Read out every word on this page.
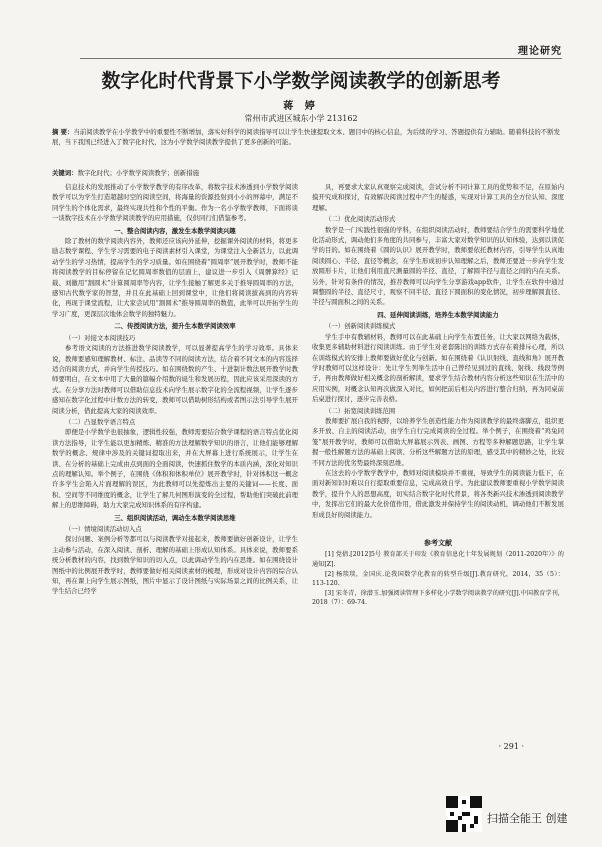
理论研究
数字化时代背景下小学数学阅读教学的创新思考
蒋 婷
常州市武进区城东小学 213162
摘 要：当前阅读教学在小学教学中的重要性不断增加，落实好科学的阅读指导可以让学生快速提取文本、题目中的核心信息，为后续的学习、答题提供有力辅助。随着科技的不断发展，当下我国已经进入了数字化时代，这为小学数学阅读教学提供了更多创新的可能。
关键词：数字化时代；小学数学阅读教学；创新措施

信息技术的发展推动了小学数学教学的有序改革，将数字技术渗透到小学数学阅读教学可以为学生打造超越时空的阅读空间，将海量的资源投射到小小的屏幕中，满足不同学生的个体化需求，最终实现共性和个性的平衡。作为一名小学数学教师，下面将谈一谈数字技术在小学数学阅读教学的应用措施，仅供同行们借鉴参考。

一、整合阅读内容，激发生本数学阅读兴趣

除了教材的数学阅读内容外，教师还应该向外延伸，挖掘课外阅读的材料，将更多励志数学课程、学生学习需要的电子阅读素材引入课堂，为课堂注入全新活力，以此调动学生的学习热情，提高学生的学习质量。如在围绕着“圆周率”展开教学时，教师不能将阅读教学的目标停留在记忆圆周率数值的层面上，建议进一步引入《周髀算经》记载、刘徽用“割圆术”计算圆周率等内容，让学生接触了解更多关于推导圆周率的方法，感知古代数学家的智慧，并且在此基础上回到课堂中，让他们将阅读拔高到的内容转化，再现于课堂流程，让大家尝试用“割圆术”推导圆周率的数值，此举可以开拓学生的学习广度，更深层次地体会数学的独特魅力。

二、传授阅读方法，提升生本数学阅读效率

（一）对接文本阅读技巧

参考语文阅读的方法推进数学阅读教学，可以显著提高学生的学习效率。具体来说，教师要感知理解教材、标注、品读等不同的阅读方法，结合着不同文本的内容选择适合的阅读方式，并向学生传授技巧。如在围绕数的产生、十进制计数法展开教学时教师要明白，在文本中用了大量的篇幅介绍数的诞生和发展历程，因此应该采用深读的方式。在分享方法时教师可以借助信息技术向学生展示数字化的全流程视频，让学生逐步感知在数字化过程中计数方法的转变，教师可以借助树形结构或者图示法引导学生展开阅读分析，借此提高大家的阅读效率。

（二）凸显数学语言特点

即便是小学数学也很抽象，逻辑性较强，教师需要结合数学课程的语言特点优化阅读方法指导，让学生能以更加精炼、精准的方法理解数学知识的语言，让他们能够理解数学的概念、规律中涉及的关键词提取出来，并在大屏幕上进行系统展示，让学生在读、在分析的基础上完成由点到面的全面阅读，快速抓住数学的本质内涵，深化对知识点的理解认知。举个例子，在围绕《体积和体积单位》展开教学时，针对体积这一概念许多学生会陷入片面理解的误区，为此教师可以先提炼出主要的关键词——长度、面积、空间等不同维度的概念，让学生了解几何图形演变的全过程，帮助他们突破此前理解上的思维障碍，助力大家完成知识体系的有序构建。

三、组织阅读活动，调动生本数学阅读思维

（一）情境阅读活动切入点

探讨问题、案例分析等都可以与阅读教学对接起来，教师要做好创新设计，让学生主动参与活动，在深入阅读、剖析、理解的基础上形成认知体系。具体来说，教师要系统分析教材的内容，找到数学知识的切入点，以此调动学生的内在思维。如在围绕设计图纸中的比例展开教学时，教师要做好相关阅读素材的梳理，形成对设计内容的综合认知，再在课上向学生展示图纸，图片中显示了设计图纸与实际场景之间的比例关系，让学生结合已经学

具，再要求大家认真观察完成阅读，尝试分析不同计算工具的优势和不足，在原始内摸开究成和探讨，有效解决阅读过程中产生的疑惑，实现对计算工具的全方位认知、深度理解。

（二）优化阅读活动形式

数学是一门实践性很强的学科，在组织阅读活动时，教师要结合学生的需要科学地优化活动形式，调动他们多角度的共同参与，丰富大家对数学知识的认知体验，达到以读促学的目的。如在围绕着《圆的认识》展开教学时，教师要依托教材内容，引导学生认真地阅读圆心、半径、直径等概念，在学生形成初步认知理解之后，教师还要进一步向学生发放圆形卡片，让他们利用直尺测量圆的半径、直径，了解圆半径与直径之间的内在关系。另外，针对有条件的情况，推荐教师可以向学生分享游戏app软件，让学生在软件中通过调整圆的半径、直径尺寸，观察不同半径、直径下圆面积的变化情况，初步理解圆直径、半径与圆面积之间的关系。

四、延伸阅读训练，培养生本数学阅读能力

（一）创新阅读训练模式

学生手中有教辅材料，教师可以在此基础上向学生布置任务，让大家以网络为载体，收集更多辅助材料进行阅读训练。由于学生对老套陈旧的训练方式存在着排斥心理，所以在训练模式的安排上教师要做好优化与创新。如在围绕着《认识射线、直线和角》展开教学时教师可以这样设计：先让学生列举生活中自己曾经见到过的直线、射线、线段等例子，再由教师做好相关概念的剖析解读，要求学生结合教材内容分析这些知识在生活中的应用实例，对概念认知再次做深入对比，如何把前后相关内容进行整合归纳，再为同桌前后桌进行探讨，逐步完善表格。

（二）拓宽阅读训练范围

教师要扩展自我的视野，以培养学生创造性能力作为阅读教学的最终落脚点，组织更多开放、自主的阅读活动，由学生自行完成阅读的全过程。举个例子，在围绕着“鸡兔同笼”展开教学时，教师可以借助大屏幕展示列表、画图、方程等多种解题思路，让学生掌握一般性解题方法的基础上阅读、分析这些解题方法的原理，感受其中的精妙之处，比较不同方法的优劣势最终深刻思维。

在这去的小学数学教学中，教师对阅读模块并不重视，导致学生的阅读能力低下，在面对新知识时难以自行提取重要信息，完成高效自学。为此建议教师要重视小学数学阅读教学，提升个人的思想高度，切实结合数字化时代背景，将各类新兴技术渗透到阅读教学中，发挥出它们的最大化价值作用，借此激发并保持学生的阅读动机，调动他们不断发展形成良好的阅读能力。

参考文献

[1] 党倩.[2012]5号 教育部关于印发《教育信息化十年发展规划（2011-2020年）》的通知[Z].

[2] 杨琰琰，金国庆.论我国数学化教育的转型升级[J].教育研究，2014，35（5）：113-120.

[3] 宋冬青，徐潜玉.加强阅读管理下多样化小学数学阅读教学的研究[J].中国教育学刊，2018（7）：69-74.

· 291 ·
扫描全能王 创建
